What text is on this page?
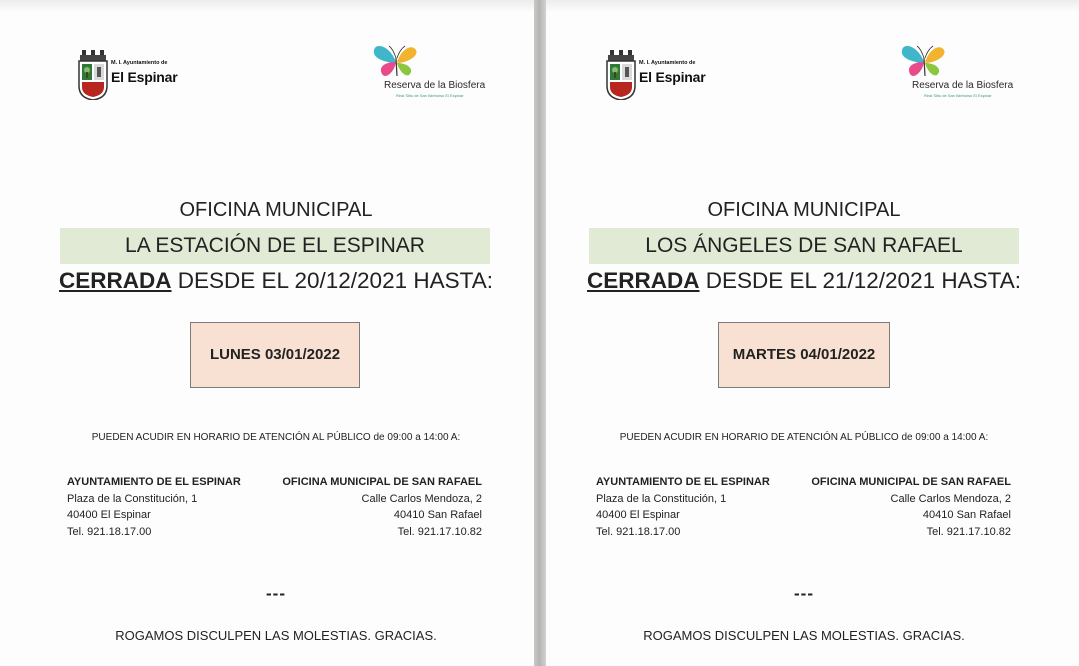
M. I. Ayuntamiento de
El Espinar
Reserva de la Biosfera
Real Sitio de San Ildefonso El Espinar
OFICINA MUNICIPAL
LA ESTACIÓN DE EL ESPINAR
CERRADA DESDE EL 20/12/2021 HASTA:
LUNES 03/01/2022
PUEDEN ACUDIR EN HORARIO DE ATENCIÓN AL PÚBLICO de 09:00 a 14:00 A:
AYUNTAMIENTO DE EL ESPINAR
Plaza de la Constitución, 1
40400 El Espinar
Tel. 921.18.17.00
OFICINA MUNICIPAL DE SAN RAFAEL
Calle Carlos Mendoza, 2
40410 San Rafael
Tel. 921.17.10.82
---
ROGAMOS DISCULPEN LAS MOLESTIAS. GRACIAS.
M. I. Ayuntamiento de
El Espinar
Reserva de la Biosfera
Real Sitio de San Ildefonso El Espinar
OFICINA MUNICIPAL
LOS ÁNGELES DE SAN RAFAEL
CERRADA DESDE EL 21/12/2021 HASTA:
MARTES 04/01/2022
PUEDEN ACUDIR EN HORARIO DE ATENCIÓN AL PÚBLICO de 09:00 a 14:00 A:
AYUNTAMIENTO DE EL ESPINAR
Plaza de la Constitución, 1
40400 El Espinar
Tel. 921.18.17.00
OFICINA MUNICIPAL DE SAN RAFAEL
Calle Carlos Mendoza, 2
40410 San Rafael
Tel. 921.17.10.82
---
ROGAMOS DISCULPEN LAS MOLESTIAS. GRACIAS.
